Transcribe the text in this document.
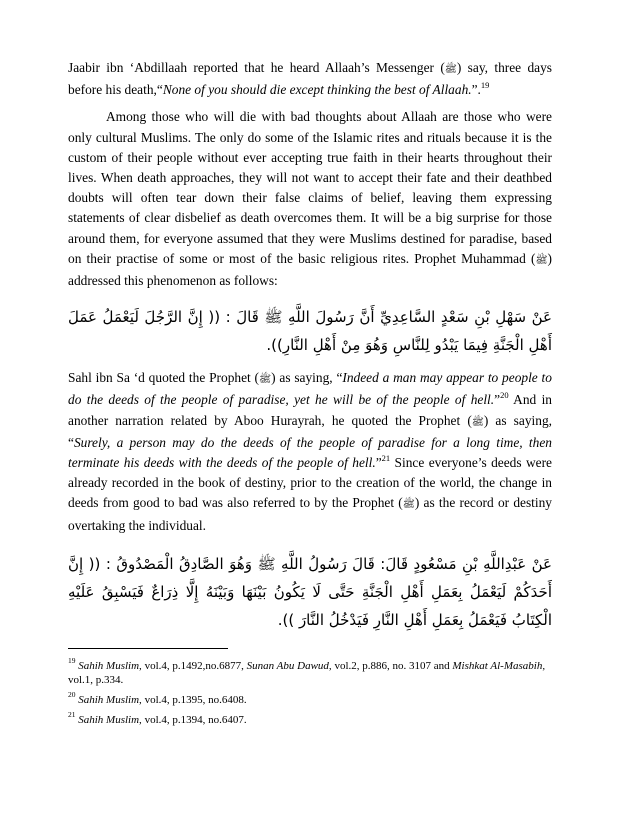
Jaabir ibn ‘Abdillaah reported that he heard Allaah’s Messenger (ﷺ) say, three days before his death,“None of you should die except thinking the best of Allaah.”.$^{19}$

Among those who will die with bad thoughts about Allaah are those who were only cultural Muslims. The only do some of the Islamic rites and rituals because it is the custom of their people without ever accepting true faith in their hearts throughout their lives. When death approaches, they will not want to accept their fate and their deathbed doubts will often tear down their false claims of belief, leaving them expressing statements of clear disbelief as death overcomes them. It will be a big surprise for those around them, for everyone assumed that they were Muslims destined for paradise, based on their practise of some or most of the basic religious rites. Prophet Muhammad (ﷺ) addressed this phenomenon as follows:

عَنْ سَهْلِ بْنِ سَعْدٍ السَّاعِدِيِّ أَنَّ رَسُولَ اللَّهِ ﷺ قَالَ : (( إِنَّ الرَّجُلَ لَيَعْمَلُ عَمَلَ أَهْلِ الْجَنَّةِ فِيمَا يَبْدُو لِلنَّاسِ وَهُوَ مِنْ أَهْلِ النَّارِ)).

Sahl ibn Sa ‘d quoted the Prophet (ﷺ) as saying, “Indeed a man may appear to people to do the deeds of the people of paradise, yet he will be of the people of hell.”$^{20}$ And in another narration related by Aboo Hurayrah, he quoted the Prophet (ﷺ) as saying, “Surely, a person may do the deeds of the people of paradise for a long time, then terminate his deeds with the deeds of the people of hell.”$^{21}$ Since everyone’s deeds were already recorded in the book of destiny, prior to the creation of the world, the change in deeds from good to bad was also referred to by the Prophet (ﷺ) as the record or destiny overtaking the individual.

عَنْ عَبْدِاللَّهِ بْنِ مَسْعُودٍ قَالَ: قَالَ رَسُولُ اللَّهِ ﷺ وَهُوَ الصَّادِقُ الْمَصْدُوقُ : (( إِنَّ أَحَدَكُمْ لَيَعْمَلُ بِعَمَلِ أَهْلِ الْجَنَّةِ حَتَّى لَا يَكُونُ بَيْنَهَا وَبَيْنَهُ إِلَّا ذِرَاعٌ فَيَسْبِقُ عَلَيْهِ الْكِتَابُ فَيَعْمَلُ بِعَمَلِ أَهْلِ النَّارِ فَيَدْخُلُ النَّارَ )).
$^{19}$ Sahih Muslim, vol.4, p.1492,no.6877, Sunan Abu Dawud, vol.2, p.886, no. 3107 and Mishkat Al-Masabih, vol.1, p.334.
$^{20}$ Sahih Muslim, vol.4, p.1395, no.6408.
$^{21}$ Sahih Muslim, vol.4, p.1394, no.6407.
